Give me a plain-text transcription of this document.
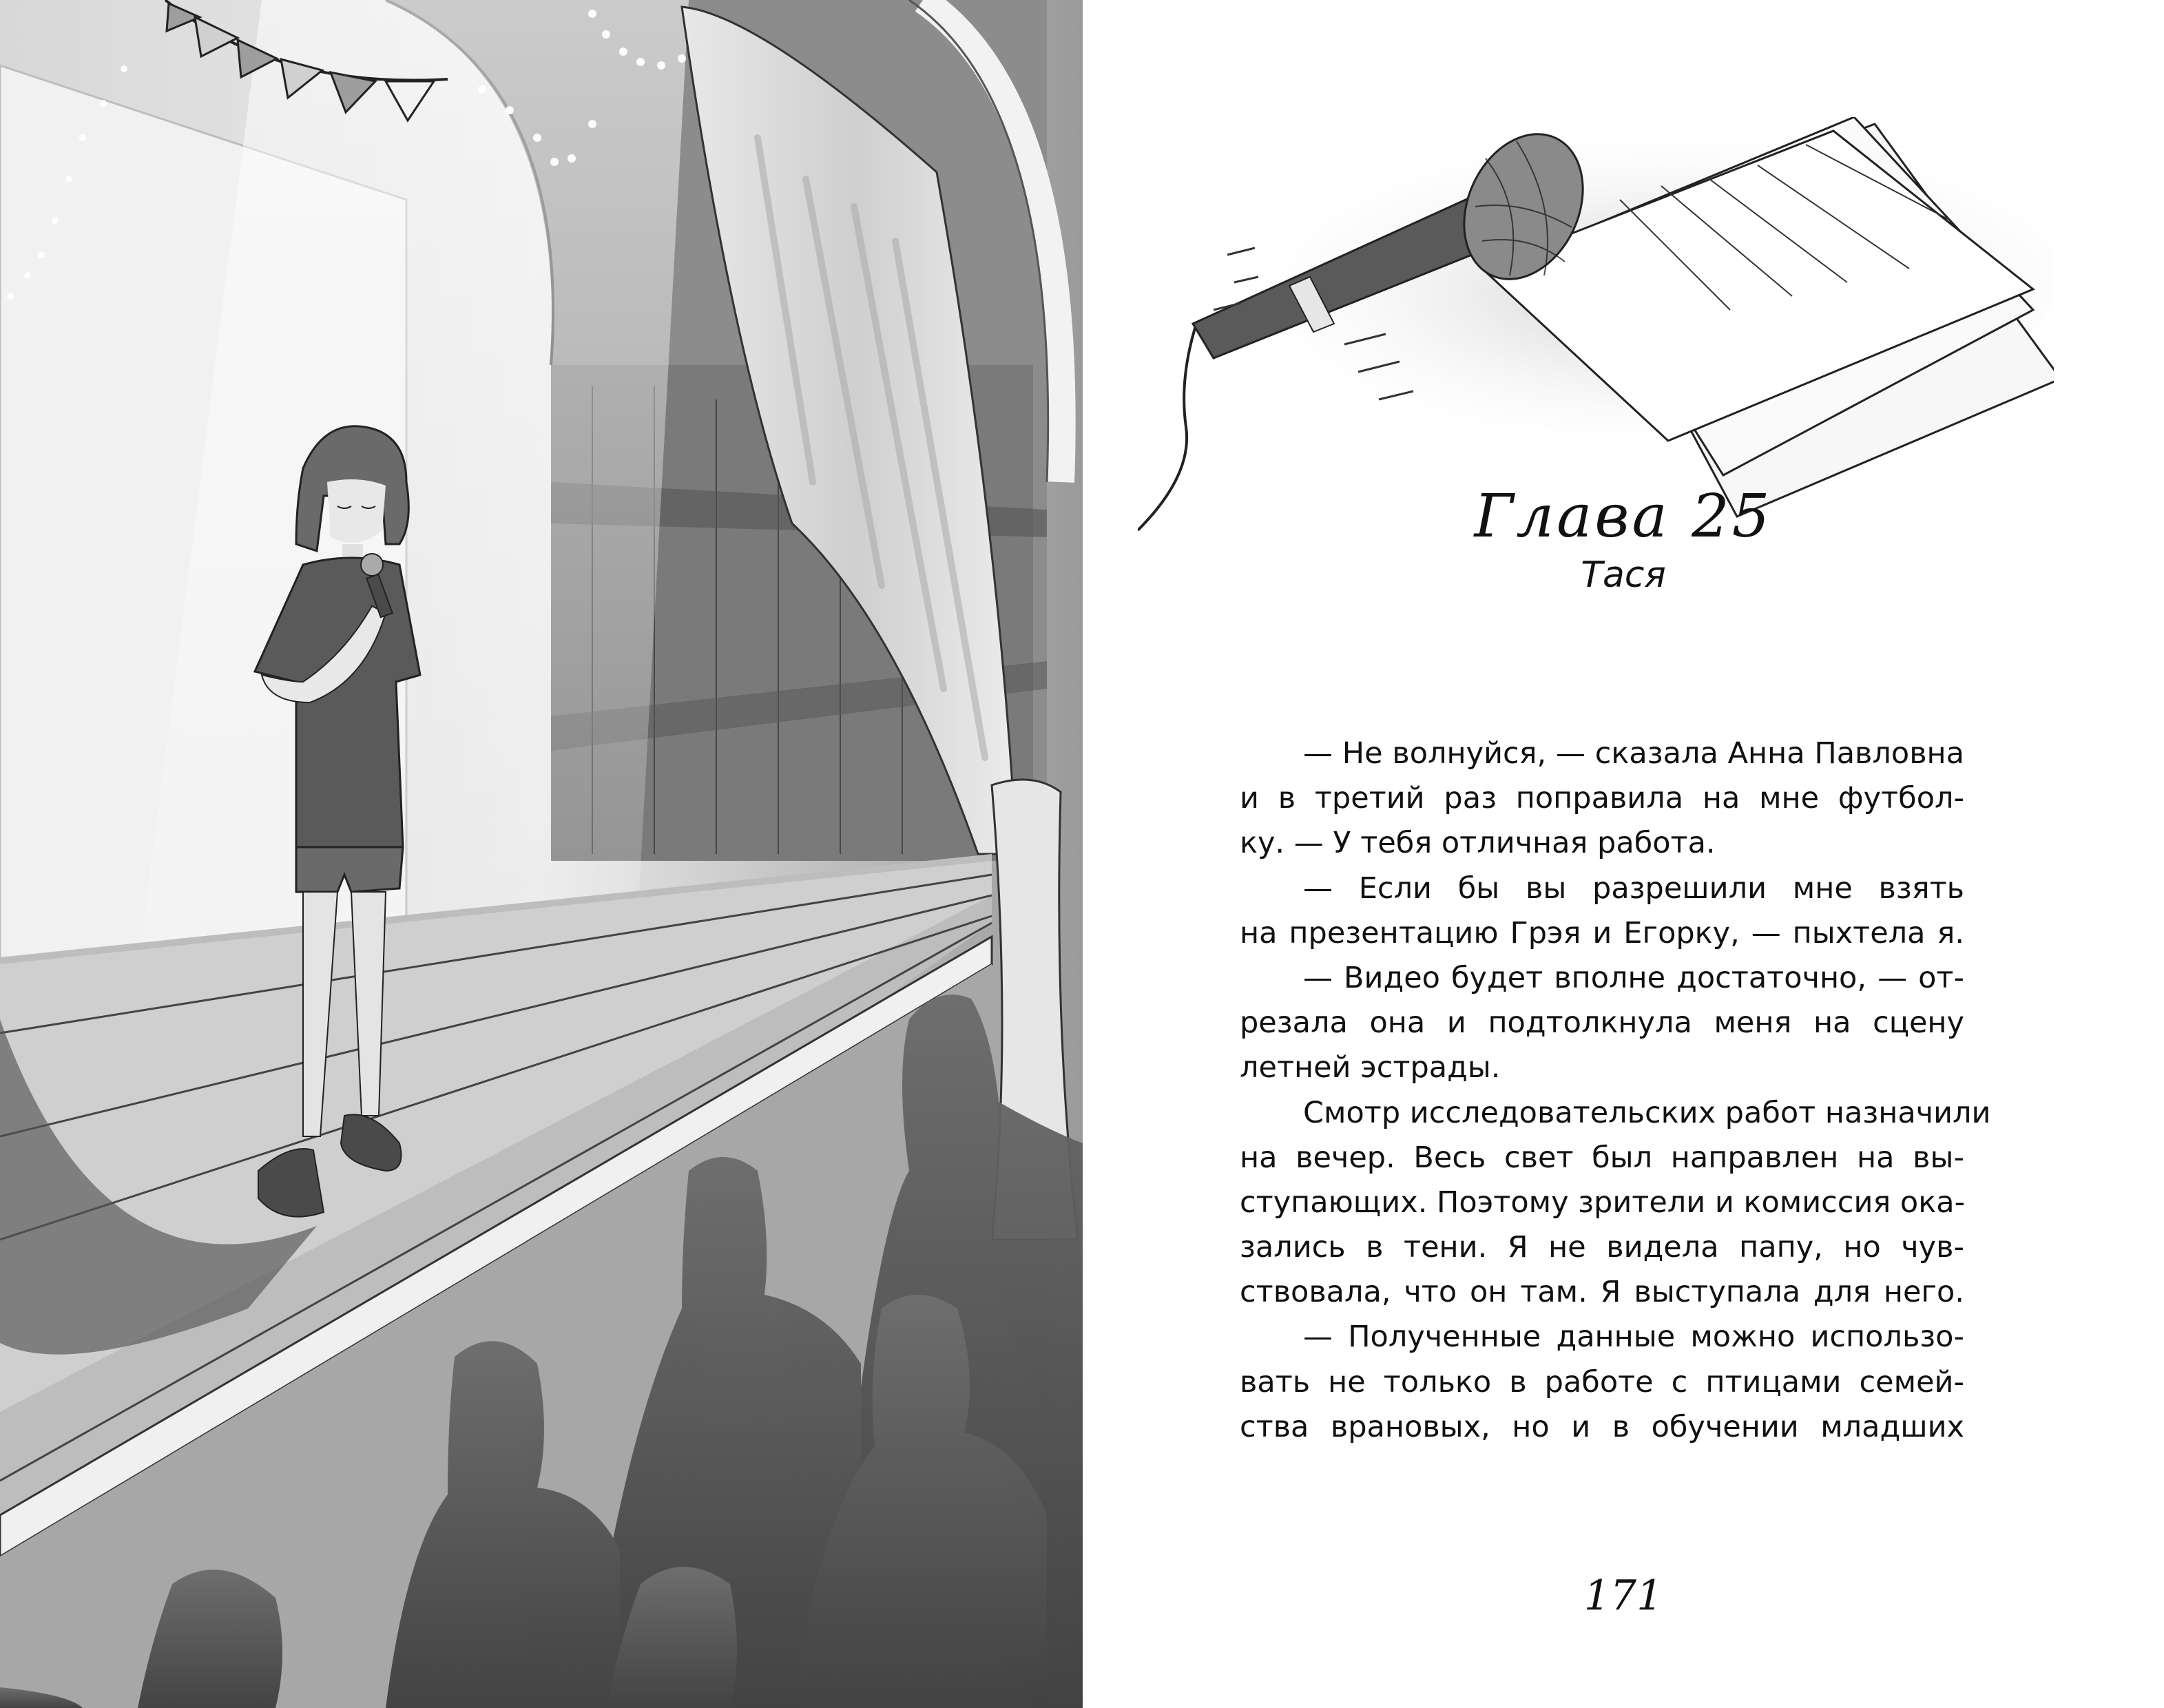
Глава 25
Тася
— Не волнуйся, — сказала Анна Павловна
и в третий раз поправила на мне футбол-
ку. — У тебя отличная работа.
— Если бы вы разрешили мне взять
на презентацию Грэя и Егорку, — пыхтела я.
— Видео будет вполне достаточно, — от-
резала она и подтолкнула меня на сцену
летней эстрады.
Смотр исследовательских работ назначили
на вечер. Весь свет был направлен на вы-
ступающих. Поэтому зрители и комиссия ока-
зались в тени. Я не видела папу, но чув-
ствовала, что он там. Я выступала для него.
— Полученные данные можно использо-
вать не только в работе с птицами семей-
ства врановых, но и в обучении младших
171
